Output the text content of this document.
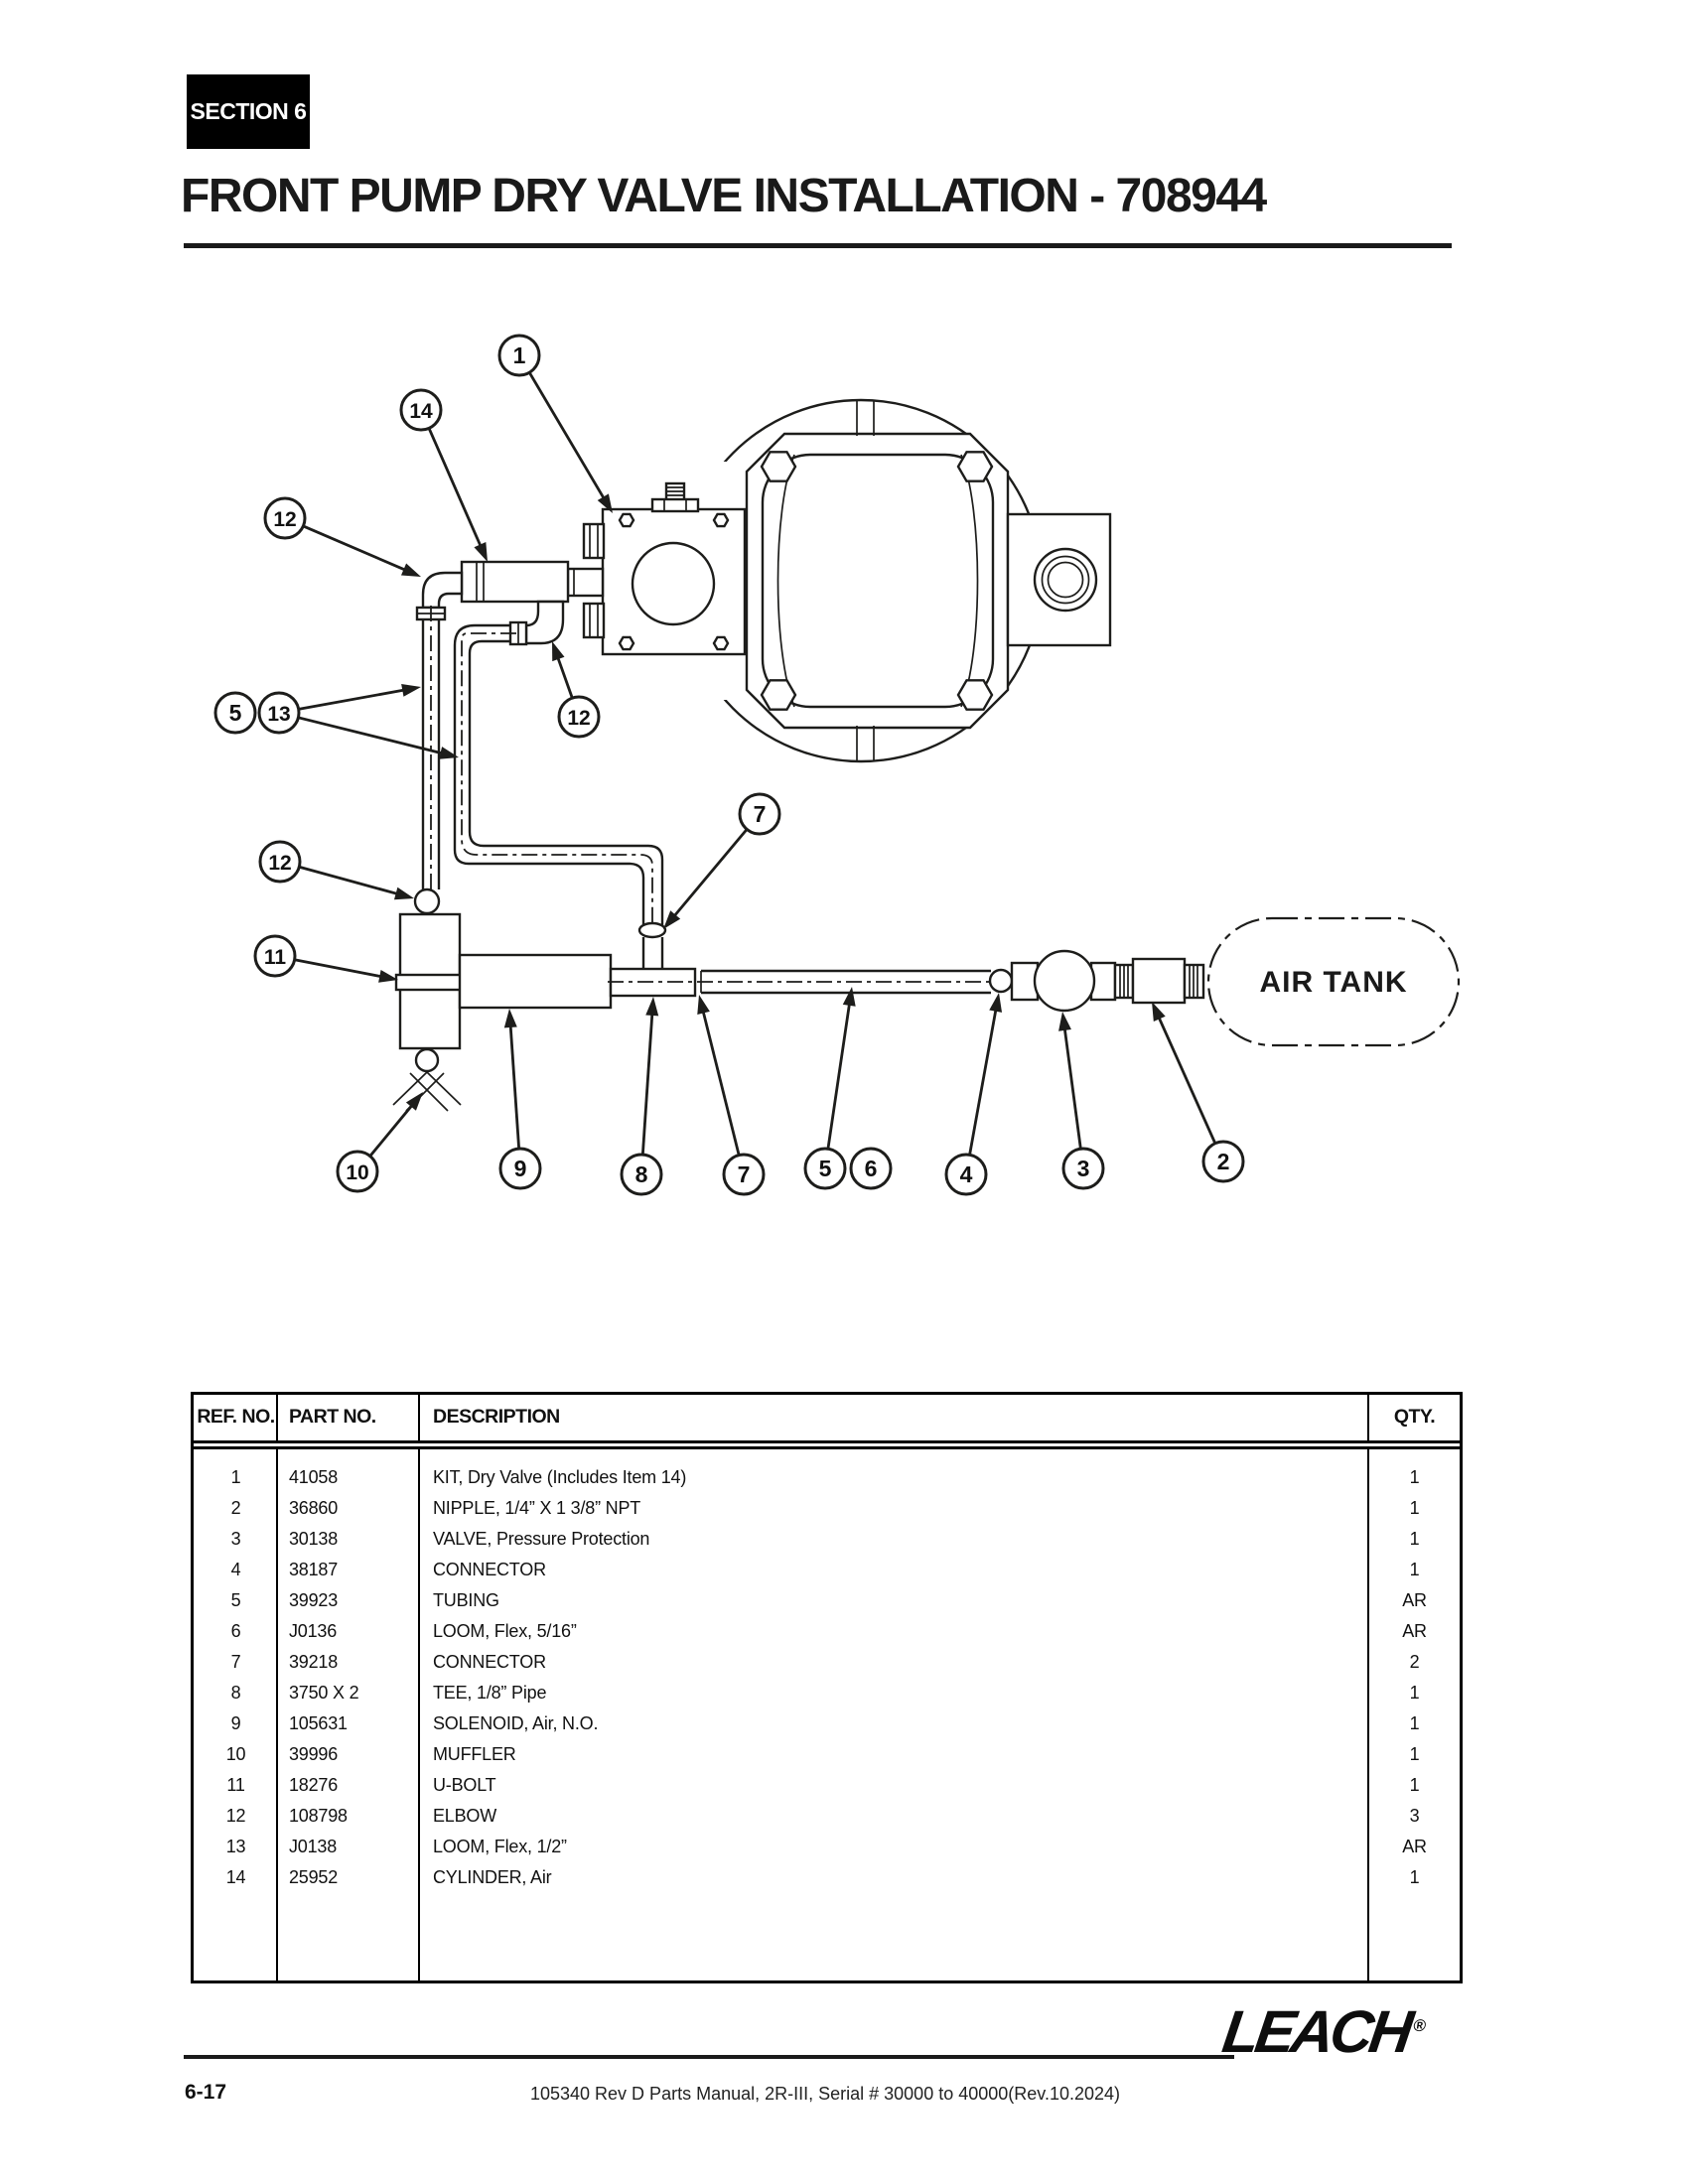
SECTION 6
FRONT PUMP DRY VALVE INSTALLATION - 708944
AIR TANK
1
14
12
5 13	12
7
12
11
10	9	8	7	5 6	4	3	2
REF. NO. PART NO.	DESCRIPTION	QTY.
1	41058	KIT, Dry Valve (Includes Item 14)	1
2	36860	NIPPLE, 1/4” X 1 3/8” NPT	1
3	30138	VALVE, Pressure Protection	1
4	38187	CONNECTOR	1
5	39923	TUBING	AR
6	J0136	LOOM, Flex, 5/16”	AR
7	39218	CONNECTOR	2
8	3750 X 2	TEE, 1/8” Pipe	1
9	105631	SOLENOID, Air, N.O.	1
10	39996	MUFFLER	1
11	18276	U-BOLT	1
12	108798	ELBOW	3
13	J0138	LOOM, Flex, 1/2”	AR
14	25952	CYLINDER, Air	1
LEACH®
6-17	105340 Rev D Parts Manual, 2R-III, Serial # 30000 to 40000(Rev.10.2024)
